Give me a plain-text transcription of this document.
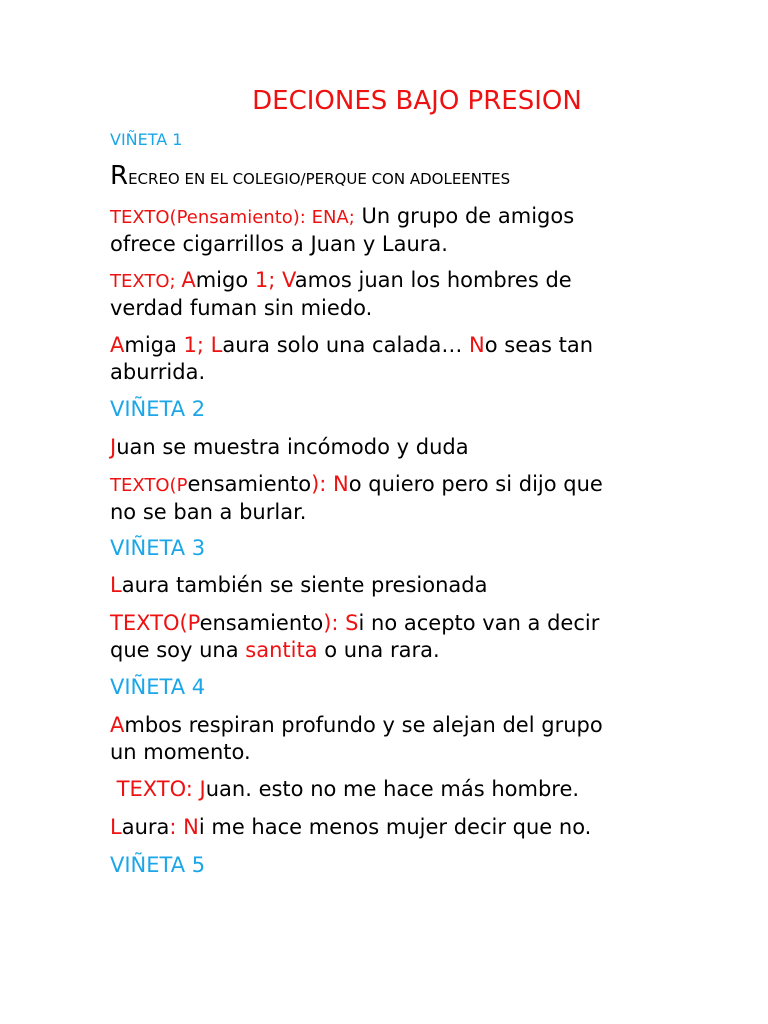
DECIONES BAJO PRESION
VIÑETA 1
RECREO EN EL COLEGIO/PERQUE CON ADOLEENTES
TEXTO(Pensamiento): ENA; Un grupo de amigos
ofrece cigarrillos a Juan y Laura.
TEXTO; Amigo 1; Vamos juan los hombres de
verdad fuman sin miedo.
Amiga 1; Laura solo una calada… No seas tan
aburrida.
VIÑETA 2
Juan se muestra incómodo y duda
TEXTO(Pensamiento): No quiero pero si dijo que
no se ban a burlar.
VIÑETA 3
Laura también se siente presionada
TEXTO(Pensamiento): Si no acepto van a decir
que soy una santita o una rara.
VIÑETA 4
Ambos respiran profundo y se alejan del grupo
un momento.
TEXTO: Juan. esto no me hace más hombre.
Laura: Ni me hace menos mujer decir que no.
VIÑETA 5
